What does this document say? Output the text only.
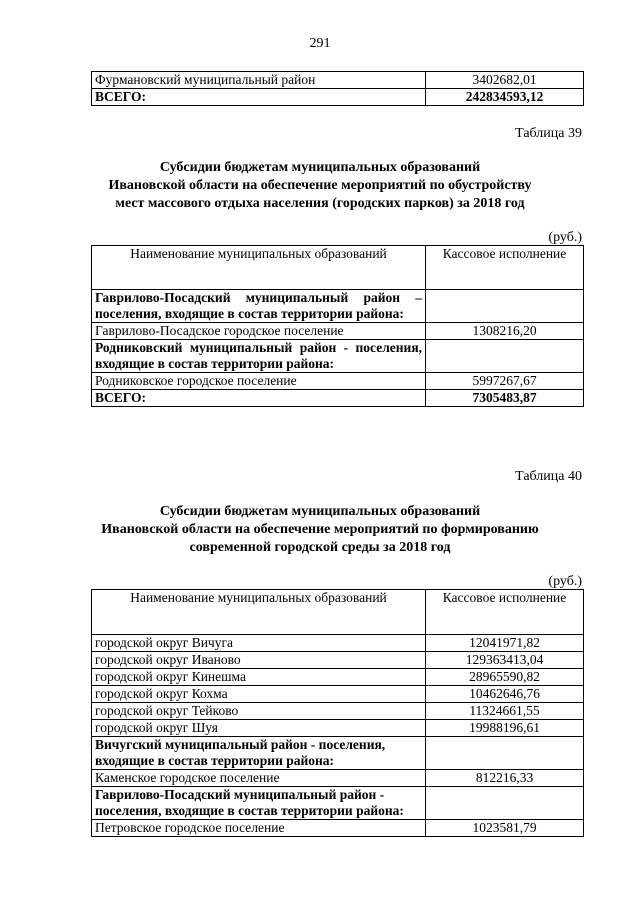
291
Фурмановский муниципальный район	3402682,01
ВСЕГО:	242834593,12
Таблица 39
Субсидии бюджетам муниципальных образований
Ивановской области на обеспечение мероприятий по обустройству
мест массового отдыха населения (городских парков) за 2018 год
(руб.)
Наименование муниципальных образований	Кассовое исполнение
Гаврилово-Посадский муниципальный район – поселения, входящие в состав территории района:	
Гаврилово-Посадское городское поселение	1308216,20
Родниковский муниципальный район - поселения, входящие в состав территории района:	
Родниковское городское поселение	5997267,67
ВСЕГО:	7305483,87
Таблица 40
Субсидии бюджетам муниципальных образований
Ивановской области на обеспечение мероприятий по формированию
современной городской среды за 2018 год
(руб.)
Наименование муниципальных образований	Кассовое исполнение
городской округ Вичуга	12041971,82
городской округ Иваново	129363413,04
городской округ Кинешма	28965590,82
городской округ Кохма	10462646,76
городской округ Тейково	11324661,55
городской округ Шуя	19988196,61
Вичугский муниципальный район - поселения, входящие в состав территории района:	
Каменское городское поселение	812216,33
Гаврилово-Посадский муниципальный район - поселения, входящие в состав территории района:	
Петровское городское поселение	1023581,79
